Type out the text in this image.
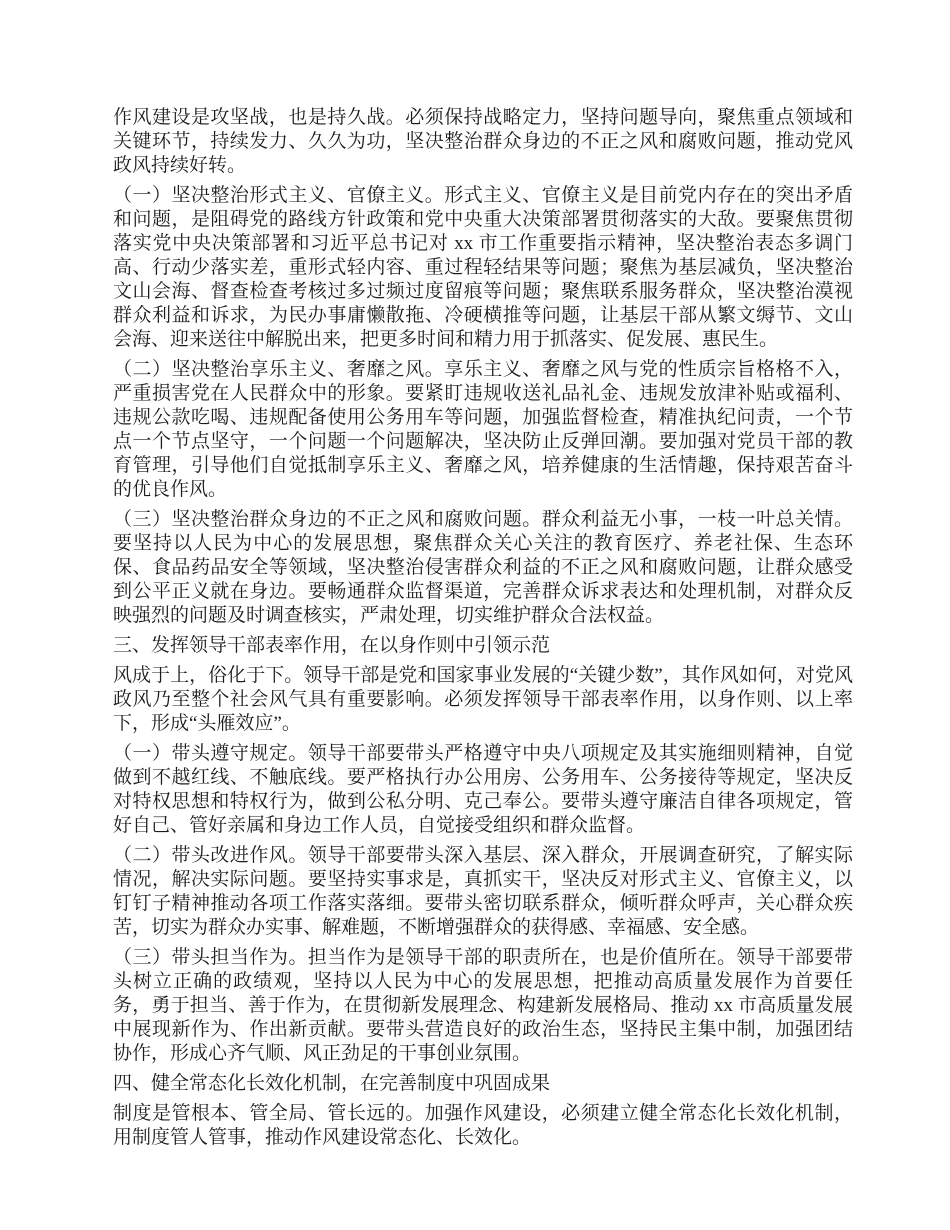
作风建设是攻坚战，也是持久战。必须保持战略定力，坚持问题导向，聚焦重点领域和关键环节，持续发力、久久为功，坚决整治群众身边的不正之风和腐败问题，推动党风政风持续好转。

（一）坚决整治形式主义、官僚主义。形式主义、官僚主义是目前党内存在的突出矛盾和问题，是阻碍党的路线方针政策和党中央重大决策部署贯彻落实的大敌。要聚焦贯彻落实党中央决策部署和习近平总书记对 xx 市工作重要指示精神，坚决整治表态多调门高、行动少落实差，重形式轻内容、重过程轻结果等问题；聚焦为基层减负，坚决整治文山会海、督查检查考核过多过频过度留痕等问题；聚焦联系服务群众，坚决整治漠视群众利益和诉求，为民办事庸懒散拖、冷硬横推等问题，让基层干部从繁文缛节、文山会海、迎来送往中解脱出来，把更多时间和精力用于抓落实、促发展、惠民生。

（二）坚决整治享乐主义、奢靡之风。享乐主义、奢靡之风与党的性质宗旨格格不入，严重损害党在人民群众中的形象。要紧盯违规收送礼品礼金、违规发放津补贴或福利、违规公款吃喝、违规配备使用公务用车等问题，加强监督检查，精准执纪问责，一个节点一个节点坚守，一个问题一个问题解决，坚决防止反弹回潮。要加强对党员干部的教育管理，引导他们自觉抵制享乐主义、奢靡之风，培养健康的生活情趣，保持艰苦奋斗的优良作风。

（三）坚决整治群众身边的不正之风和腐败问题。群众利益无小事，一枝一叶总关情。要坚持以人民为中心的发展思想，聚焦群众关心关注的教育医疗、养老社保、生态环保、食品药品安全等领域，坚决整治侵害群众利益的不正之风和腐败问题，让群众感受到公平正义就在身边。要畅通群众监督渠道，完善群众诉求表达和处理机制，对群众反映强烈的问题及时调查核实，严肃处理，切实维护群众合法权益。

三、发挥领导干部表率作用，在以身作则中引领示范

风成于上，俗化于下。领导干部是党和国家事业发展的“关键少数”，其作风如何，对党风政风乃至整个社会风气具有重要影响。必须发挥领导干部表率作用，以身作则、以上率下，形成“头雁效应”。

（一）带头遵守规定。领导干部要带头严格遵守中央八项规定及其实施细则精神，自觉做到不越红线、不触底线。要严格执行办公用房、公务用车、公务接待等规定，坚决反对特权思想和特权行为，做到公私分明、克己奉公。要带头遵守廉洁自律各项规定，管好自己、管好亲属和身边工作人员，自觉接受组织和群众监督。

（二）带头改进作风。领导干部要带头深入基层、深入群众，开展调查研究，了解实际情况，解决实际问题。要坚持实事求是，真抓实干，坚决反对形式主义、官僚主义，以钉钉子精神推动各项工作落实落细。要带头密切联系群众，倾听群众呼声，关心群众疾苦，切实为群众办实事、解难题，不断增强群众的获得感、幸福感、安全感。

（三）带头担当作为。担当作为是领导干部的职责所在，也是价值所在。领导干部要带头树立正确的政绩观，坚持以人民为中心的发展思想，把推动高质量发展作为首要任务，勇于担当、善于作为，在贯彻新发展理念、构建新发展格局、推动 xx 市高质量发展中展现新作为、作出新贡献。要带头营造良好的政治生态，坚持民主集中制，加强团结协作，形成心齐气顺、风正劲足的干事创业氛围。

四、健全常态化长效化机制，在完善制度中巩固成果

制度是管根本、管全局、管长远的。加强作风建设，必须建立健全常态化长效化机制，用制度管人管事，推动作风建设常态化、长效化。
